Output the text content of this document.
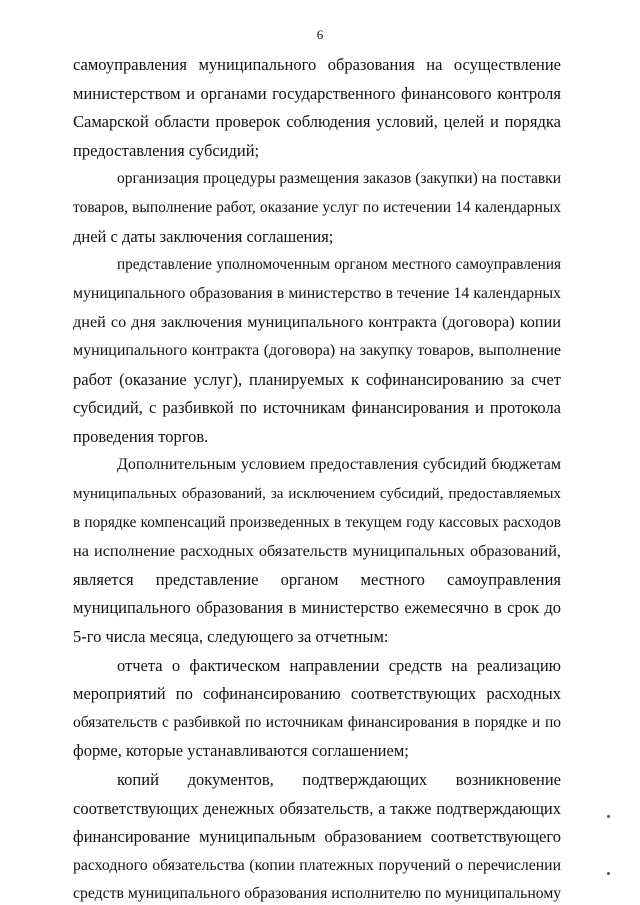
6
самоуправления муниципального образования на осуществление
министерством и органами государственного финансового контроля
Самарской области проверок соблюдения условий, целей и порядка
предоставления субсидий;
организация процедуры размещения заказов (закупки) на поставки
товаров, выполнение работ, оказание услуг по истечении 14 календарных
дней с даты заключения соглашения;
представление уполномоченным органом местного самоуправления
муниципального образования в министерство в течение 14 календарных
дней со дня заключения муниципального контракта (договора) копии
муниципального контракта (договора) на закупку товаров, выполнение
работ (оказание услуг), планируемых к софинансированию за счет
субсидий, с разбивкой по источникам финансирования и протокола
проведения торгов.
Дополнительным условием предоставления субсидий бюджетам
муниципальных образований, за исключением субсидий, предоставляемых
в порядке компенсаций произведенных в текущем году кассовых расходов
на исполнение расходных обязательств муниципальных образований,
является представление органом местного самоуправления
муниципального образования в министерство ежемесячно в срок до
5-го числа месяца, следующего за отчетным:
отчета о фактическом направлении средств на реализацию
мероприятий по софинансированию соответствующих расходных
обязательств с разбивкой по источникам финансирования в порядке и по
форме, которые устанавливаются соглашением;
копий документов, подтверждающих возникновение
соответствующих денежных обязательств, а также подтверждающих
финансирование муниципальным образованием соответствующего
расходного обязательства (копии платежных поручений о перечислении
средств муниципального образования исполнителю по муниципальному
